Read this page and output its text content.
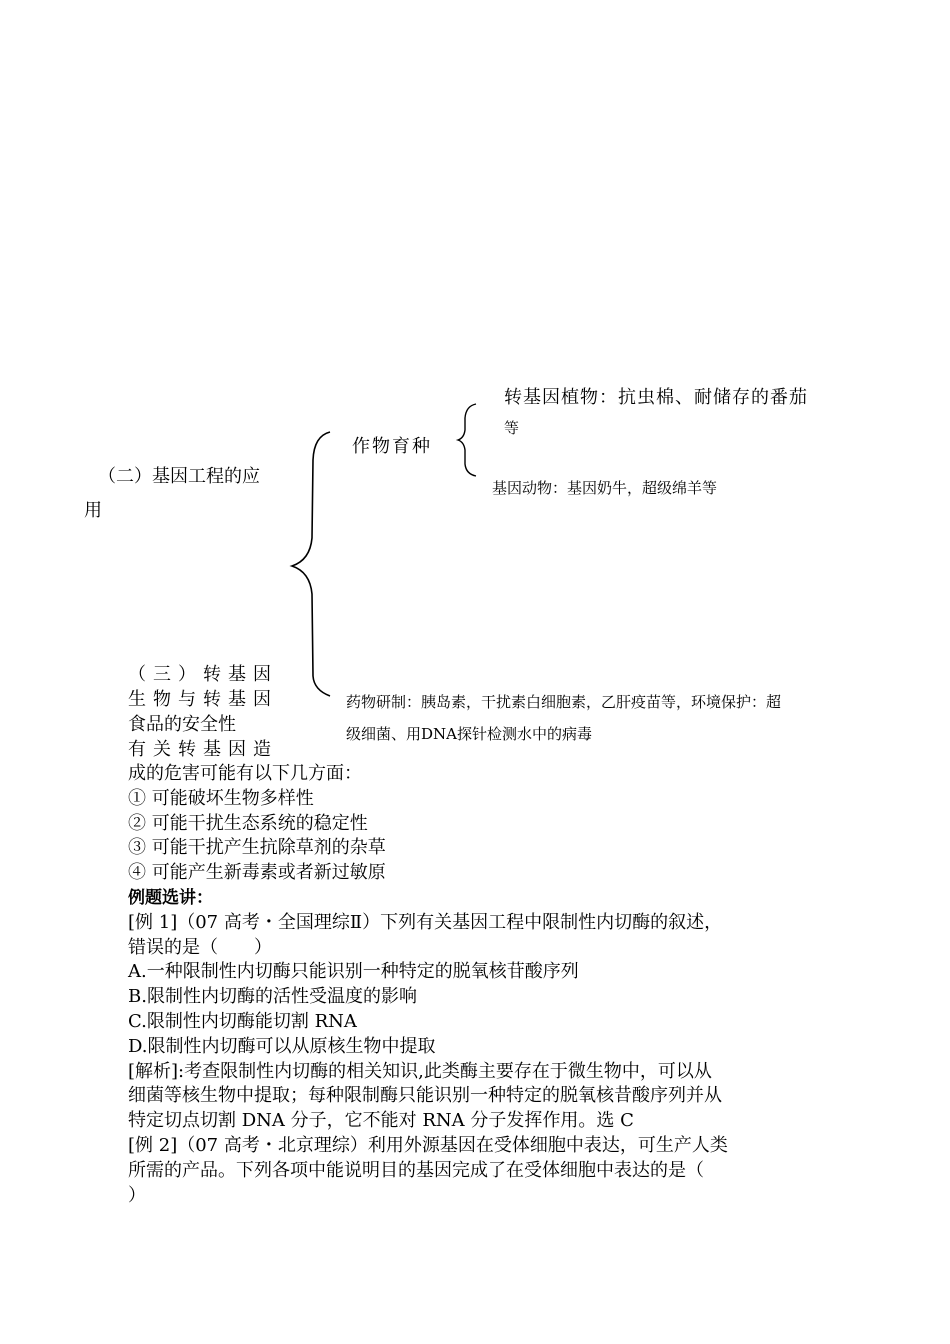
（二）基因工程的应
用
作物育种
转基因植物：抗虫棉、耐储存的番茄
等
基因动物：基因奶牛，超级绵羊等
药物研制：胰岛素，干扰素白细胞素，乙肝疫苗等，环境保护：超
级细菌、用DNA探针检测水中的病毒
（三）转基因
生物与转基因
食品的安全性
有关转基因造
成的危害可能有以下几方面：
① 可能破坏生物多样性
② 可能干扰生态系统的稳定性
③ 可能干扰产生抗除草剂的杂草
④ 可能产生新毒素或者新过敏原
例题选讲：
[例 1]（07 高考・全国理综Ⅱ）下列有关基因工程中限制性内切酶的叙述，
错误的是（　　）
A.一种限制性内切酶只能识别一种特定的脱氧核苷酸序列
B.限制性内切酶的活性受温度的影响
C.限制性内切酶能切割 RNA
D.限制性内切酶可以从原核生物中提取
[解析]:考查限制性内切酶的相关知识,此类酶主要存在于微生物中，可以从
细菌等核生物中提取；每种限制酶只能识别一种特定的脱氧核昔酸序列并从
特定切点切割 DNA 分子，它不能对 RNA 分子发挥作用。选 C
[例 2]（07 高考・北京理综）利用外源基因在受体细胞中表达，可生产人类
所需的产品。下列各项中能说明目的基因完成了在受体细胞中表达的是（
）
